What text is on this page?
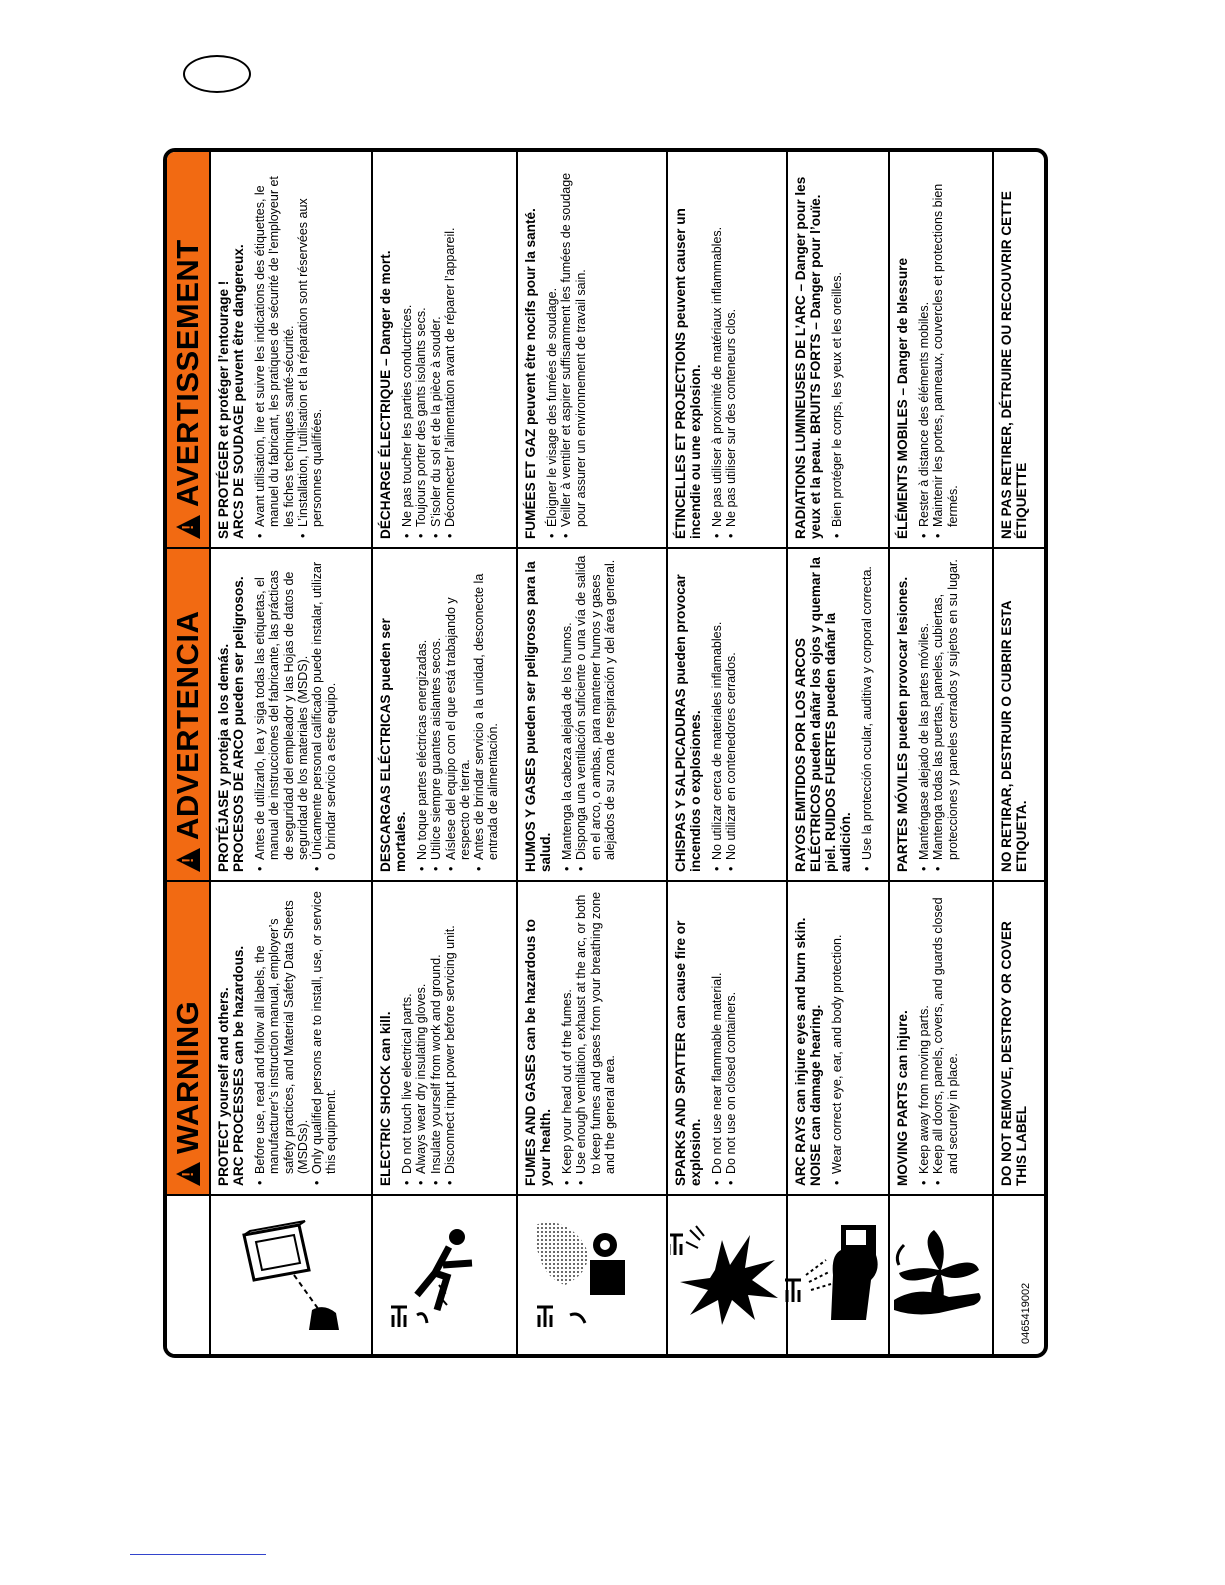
!
WARNING
!
ADVERTENCIA
!
AVERTISSEMENT
PROTECT yourself and others.
ARC PROCESSES can be hazardous. • Before use, read and follow all labels, the manufacturer’s instruction manual, employer’s safety practices, and Material Safety Data Sheets (MSDSs). • Only qualified persons are to install, use, or service this equipment.
PROTÉJASE y proteja a los demás.
PROCESOS DE ARCO pueden ser peligrosos. • Antes de utilizarlo, lea y siga todas las etiquetas, el manual de instrucciones del fabricante, las prácticas de seguridad del empleador y las Hojas de datos de seguridad de los materiales (MSDS). • Únicamente personal calificado puede instalar, utilizar o brindar servicio a este equipo.
SE PROTÉGER et protéger l’entourage !
ARCS DE SOUDAGE peuvent être dangereux. • Avant utilisation, lire et suivre les indications des étiquettes, le manuel du fabricant, les pratiques de sécurité de l’employeur et les fiches techniques santé-sécurité. • L’installation, l’utilisation et la réparation sont réservées aux personnes qualifiées.
ELECTRIC SHOCK can kill. • Do not touch live electrical parts. • Always wear dry insulating gloves. • Insulate yourself from work and ground. • Disconnect input power before servicing unit.
DESCARGAS ELÉCTRICAS pueden ser mortales. • No toque partes eléctricas energizadas. • Utilice siempre guantes aislantes secos. • Aíslese del equipo con el que está trabajando y respecto de tierra. • Antes de brindar servicio a la unidad, desconecte la entrada de alimentación.
DÉCHARGE ÉLECTRIQUE – Danger de mort. • Ne pas toucher les parties conductrices. • Toujours porter des gants isolants secs. • S’isoler du sol et de la pièce à souder. • Déconnecter l’alimentation avant de réparer l’appareil.
FUMES AND GASES can be hazardous to your health. • Keep your head out of the fumes. • Use enough ventilation, exhaust at the arc, or both to keep fumes and gases from your breathing zone and the general area.
HUMOS Y GASES pueden ser peligrosos para la salud. • Mantenga la cabeza alejada de los humos. • Disponga una ventilación suficiente o una vía de salida en el arco, o ambas, para mantener humos y gases alejados de su zona de respiración y del área general.
FUMÉES ET GAZ peuvent être nocifs pour la santé. • Éloigner le visage des fumées de soudage. • Veiller à ventiler et aspirer suffisamment les fumées de soudage pour assurer un environnement de travail sain.
SPARKS AND SPATTER can cause fire or explosion. • Do not use near flammable material. • Do not use on closed containers.
CHISPAS Y SALPICADURAS pueden provocar incendios o explosiones. • No utilizar cerca de materiales inflamables. • No utilizar en contenedores cerrados.
ÉTINCELLES ET PROJECTIONS peuvent causer un incendie ou une explosion. • Ne pas utiliser à proximité de matériaux inflammables. • Ne pas utiliser sur des conteneurs clos.
ARC RAYS can injure eyes and burn skin. NOISE can damage hearing. • Wear correct eye, ear, and body protection.
RAYOS EMITIDOS POR LOS ARCOS ELÉCTRICOS pueden dañar los ojos y quemar la piel. RUIDOS FUERTES pueden dañar la audición. • Use la protección ocular, auditiva y corporal correcta.
RADIATIONS LUMINEUSES DE L’ARC – Danger pour les yeux et la peau. BRUITS FORTS – Danger pour l’ouïe. • Bien protéger le corps, les yeux et les oreilles.
MOVING PARTS can injure. • Keep away from moving parts. • Keep all doors, panels, covers, and guards closed and securely in place.
PARTES MÓVILES pueden provocar lesiones. • Manténgase alejado de las partes móviles. • Mantenga todas las puertas, paneles, cubiertas, protecciones y paneles cerrados y sujetos en su lugar.
ÉLÉMENTS MOBILES – Danger de blessure • Rester à distance des éléments mobiles. • Maintenir les portes, panneaux, couvercles et protections bien fermés.
0465419002
DO NOT REMOVE, DESTROY OR COVER THIS LABEL
NO RETIRAR, DESTRUIR O CUBRIR ESTA ETIQUETA.
NE PAS RETIRER, DÉTRUIRE OU RECOUVRIR CETTE ÉTIQUETTE
